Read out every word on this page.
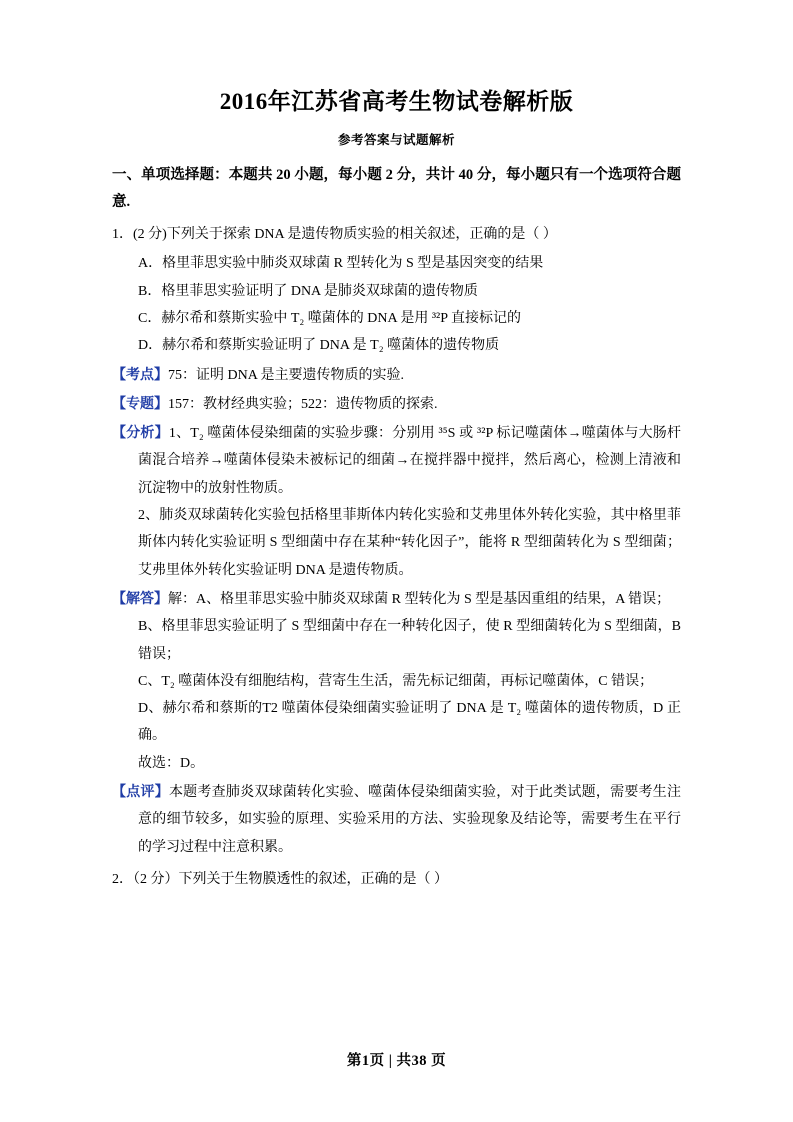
2016年江苏省高考生物试卷解析版
参考答案与试题解析
一、单项选择题：本题共 20 小题，每小题 2 分，共计 40 分，每小题只有一个选项符合题意.
1．(2 分)下列关于探索 DNA 是遗传物质实验的相关叙述，正确的是（ ）
A．格里菲思实验中肺炎双球菌 R 型转化为 S 型是基因突变的结果
B．格里菲思实验证明了 DNA 是肺炎双球菌的遗传物质
C．赫尔希和蔡斯实验中 T₂ 噬菌体的 DNA 是用 ³²P 直接标记的
D．赫尔希和蔡斯实验证明了 DNA 是 T₂ 噬菌体的遗传物质
【考点】75：证明 DNA 是主要遗传物质的实验.
【专题】157：教材经典实验；522：遗传物质的探索.
【分析】1、T₂ 噬菌体侵染细菌的实验步骤：分别用 ³⁵S 或 ³²P 标记噬菌体→噬菌体与大肠杆菌混合培养→噬菌体侵染未被标记的细菌→在搅拌器中搅拌，然后离心，检测上清液和沉淀物中的放射性物质。
2、肺炎双球菌转化实验包括格里菲斯体内转化实验和艾弗里体外转化实验，其中格里菲斯体内转化实验证明 S 型细菌中存在某种“转化因子”，能将 R 型细菌转化为 S 型细菌；艾弗里体外转化实验证明 DNA 是遗传物质。
【解答】解：A、格里菲思实验中肺炎双球菌 R 型转化为 S 型是基因重组的结果，A 错误；
B、格里菲思实验证明了 S 型细菌中存在一种转化因子，使 R 型细菌转化为 S 型细菌，B 错误；
C、T₂ 噬菌体没有细胞结构，营寄生生活，需先标记细菌，再标记噬菌体，C 错误；
D、赫尔希和蔡斯的T2 噬菌体侵染细菌实验证明了 DNA 是 T₂ 噬菌体的遗传物质，D 正确。
故选：D。
【点评】本题考查肺炎双球菌转化实验、噬菌体侵染细菌实验，对于此类试题，需要考生注意的细节较多，如实验的原理、实验采用的方法、实验现象及结论等，需要考生在平行的学习过程中注意积累。
2．（2 分）下列关于生物膜透性的叙述，正确的是（ ）
第1页 | 共38 页
